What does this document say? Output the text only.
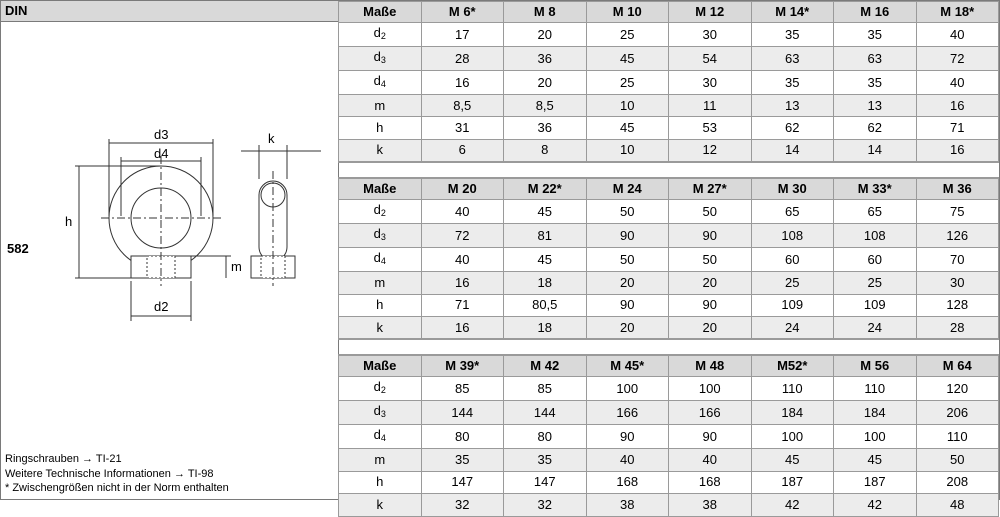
DIN
582
d3
d4
h
d2
m
k
Ringschrauben → TI-21
Weitere Technische Informationen → TI-98
* Zwischengrößen nicht in der Norm enthalten
Maße	M 6*	M 8	M 10	M 12	M 14*	M 16	M 18*
$d_2$	17	20	25	30	35	35	40
$d_3$	28	36	45	54	63	63	72
$d_4$	16	20	25	30	35	35	40
m	8,5	8,5	10	11	13	13	16
h	31	36	45	53	62	62	71
k	6	8	10	12	14	14	16
Maße	M 20	M 22*	M 24	M 27*	M 30	M 33*	M 36
$d_2$	40	45	50	50	65	65	75
$d_3$	72	81	90	90	108	108	126
$d_4$	40	45	50	50	60	60	70
m	16	18	20	20	25	25	30
h	71	80,5	90	90	109	109	128
k	16	18	20	20	24	24	28
Maße	M 39*	M 42	M 45*	M 48	M52*	M 56	M 64
$d_2$	85	85	100	100	110	110	120
$d_3$	144	144	166	166	184	184	206
$d_4$	80	80	90	90	100	100	110
m	35	35	40	40	45	45	50
h	147	147	168	168	187	187	208
k	32	32	38	38	42	42	48
